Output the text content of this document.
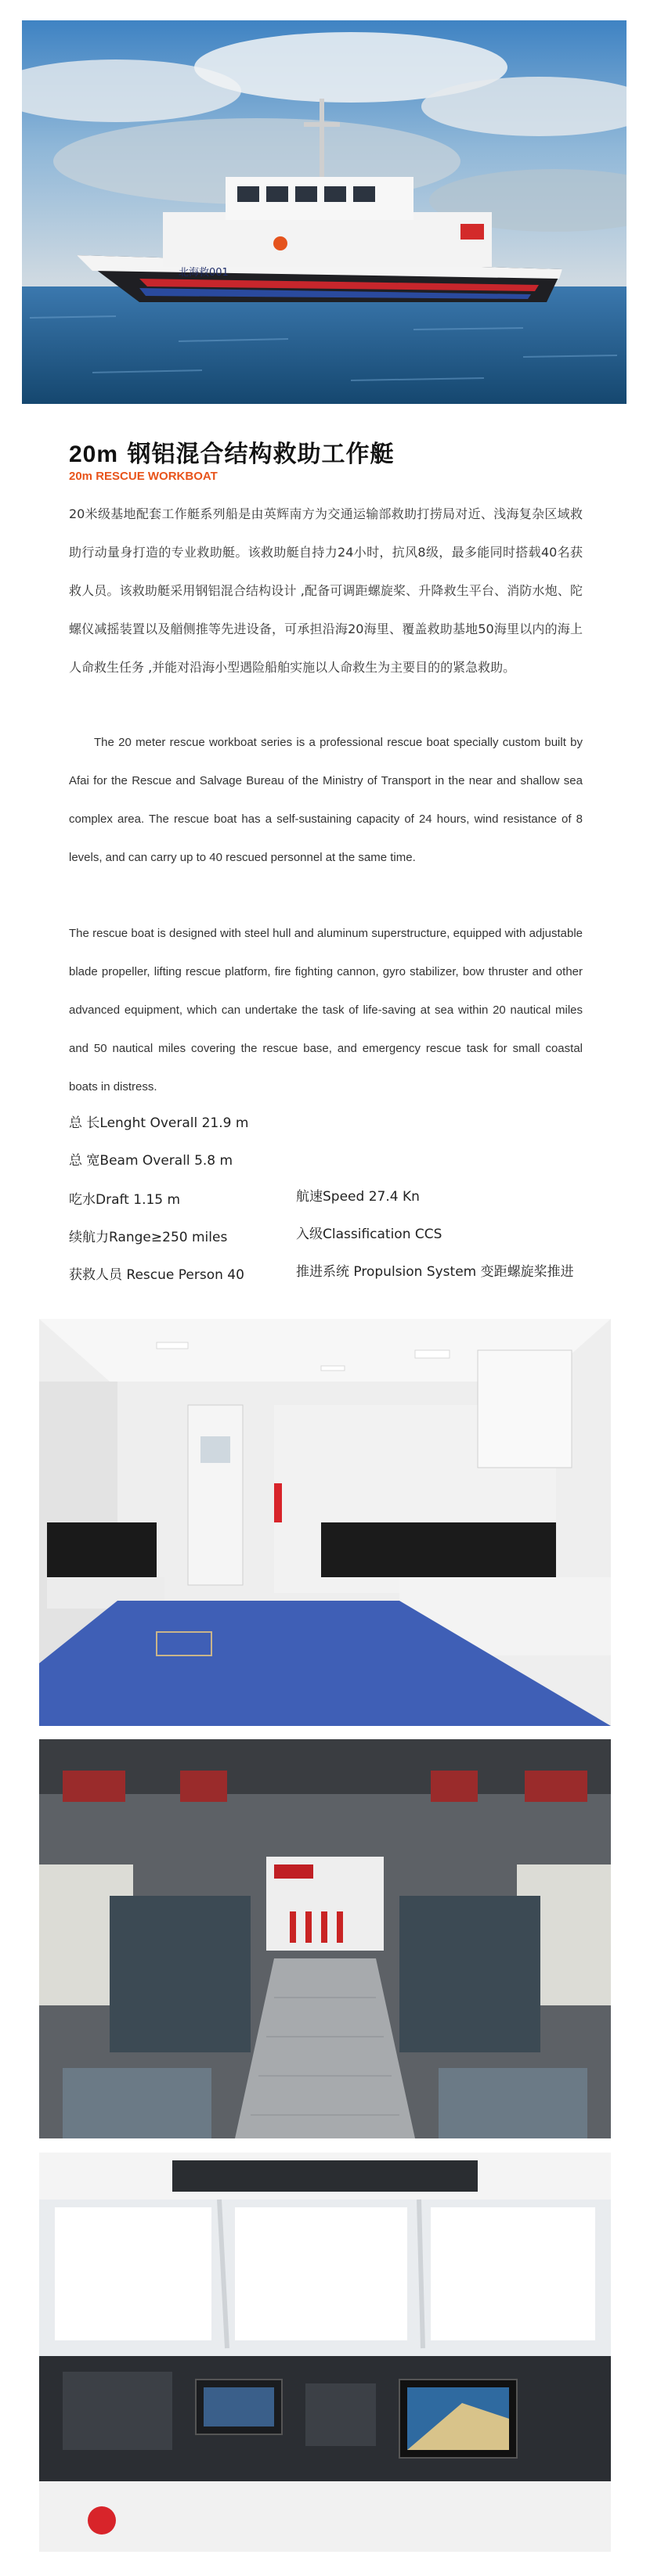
北海救001
20m 钢铝混合结构救助工作艇
20m RESCUE WORKBOAT
20米级基地配套工作艇系列船是由英辉南方为交通运输部救助打捞局对近、浅海复杂区域救助行动量身打造的专业救助艇。该救助艇自持力24小时，抗风8级，最多能同时搭载40名获救人员。该救助艇采用钢铝混合结构设计 ,配备可调距螺旋桨、升降救生平台、消防水炮、陀螺仪减摇装置以及艏侧推等先进设备，可承担沿海20海里、覆盖救助基地50海里以内的海上人命救生任务 ,并能对沿海小型遇险船舶实施以人命救生为主要目的的紧急救助。
The 20 meter rescue workboat series is a professional rescue boat specially custom built by Afai for the Rescue and Salvage Bureau of the Ministry of Transport in the near and shallow sea complex area. The rescue boat has a self-sustaining capacity of 24 hours, wind resistance of 8 levels, and can carry up to 40 rescued personnel at the same time.
The rescue boat is designed with steel hull and aluminum superstructure, equipped with adjustable blade propeller, lifting rescue platform, fire fighting cannon, gyro stabilizer, bow thruster and other advanced equipment, which can undertake the task of life-saving at sea within 20 nautical miles and 50 nautical miles covering the rescue base, and emergency rescue task for small coastal boats in distress.
总 长Lenght Overall 21.9 m
总 宽Beam Overall 5.8 m
吃水Draft 1.15 m	航速Speed 27.4 Kn
续航力Range≥250 miles	入级Classification CCS
获救人员 Rescue Person 40	推进系统 Propulsion System 变距螺旋桨推进
